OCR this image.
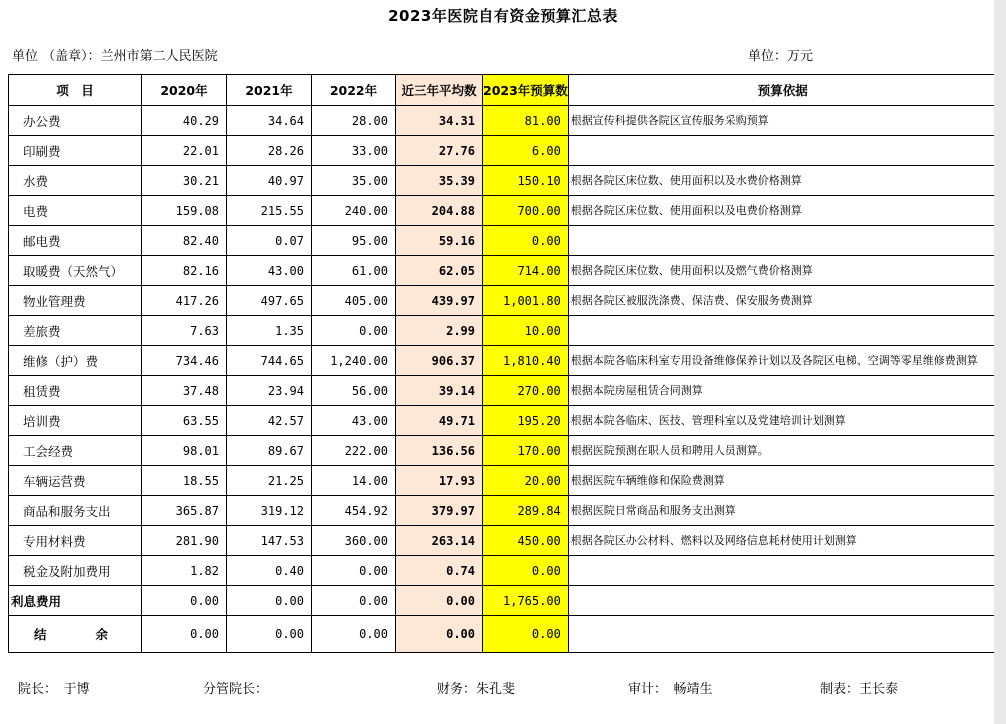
2023年医院自有资金预算汇总表
单位 （盖章）：兰州市第二人民医院	单位：万元
项　目	2020年	2021年	2022年	近三年平均数	2023年预算数	预算依据
办公费	40.29	34.64	28.00	34.31	81.00	根据宣传科提供各院区宣传服务采购预算
印刷费	22.01	28.26	33.00	27.76	6.00	
水费	30.21	40.97	35.00	35.39	150.10	根据各院区床位数、使用面积以及水费价格测算
电费	159.08	215.55	240.00	204.88	700.00	根据各院区床位数、使用面积以及电费价格测算
邮电费	82.40	0.07	95.00	59.16	0.00	
取暖费（天然气）	82.16	43.00	61.00	62.05	714.00	根据各院区床位数、使用面积以及燃气费价格测算
物业管理费	417.26	497.65	405.00	439.97	1,001.80	根据各院区被服洗涤费、保洁费、保安服务费测算
差旅费	7.63	1.35	0.00	2.99	10.00	
维修（护）费	734.46	744.65	1,240.00	906.37	1,810.40	根据本院各临床科室专用设备维修保养计划以及各院区电梯、空调等零星维修费测算
租赁费	37.48	23.94	56.00	39.14	270.00	根据本院房屋租赁合同测算
培训费	63.55	42.57	43.00	49.71	195.20	根据本院各临床、医技、管理科室以及党建培训计划测算
工会经费	98.01	89.67	222.00	136.56	170.00	根据医院预测在职人员和聘用人员测算。
车辆运营费	18.55	21.25	14.00	17.93	20.00	根据医院车辆维修和保险费测算
商品和服务支出	365.87	319.12	454.92	379.97	289.84	根据医院日常商品和服务支出测算
专用材料费	281.90	147.53	360.00	263.14	450.00	根据各院区办公材料、燃料以及网络信息耗材使用计划测算
税金及附加费用	1.82	0.40	0.00	0.74	0.00	
利息费用	0.00	0.00	0.00	0.00	1,765.00	
结　　余	0.00	0.00	0.00	0.00	0.00	
院长：　于博	分管院长：	财务：朱孔斐	审计：　畅靖生	制表：王长泰
